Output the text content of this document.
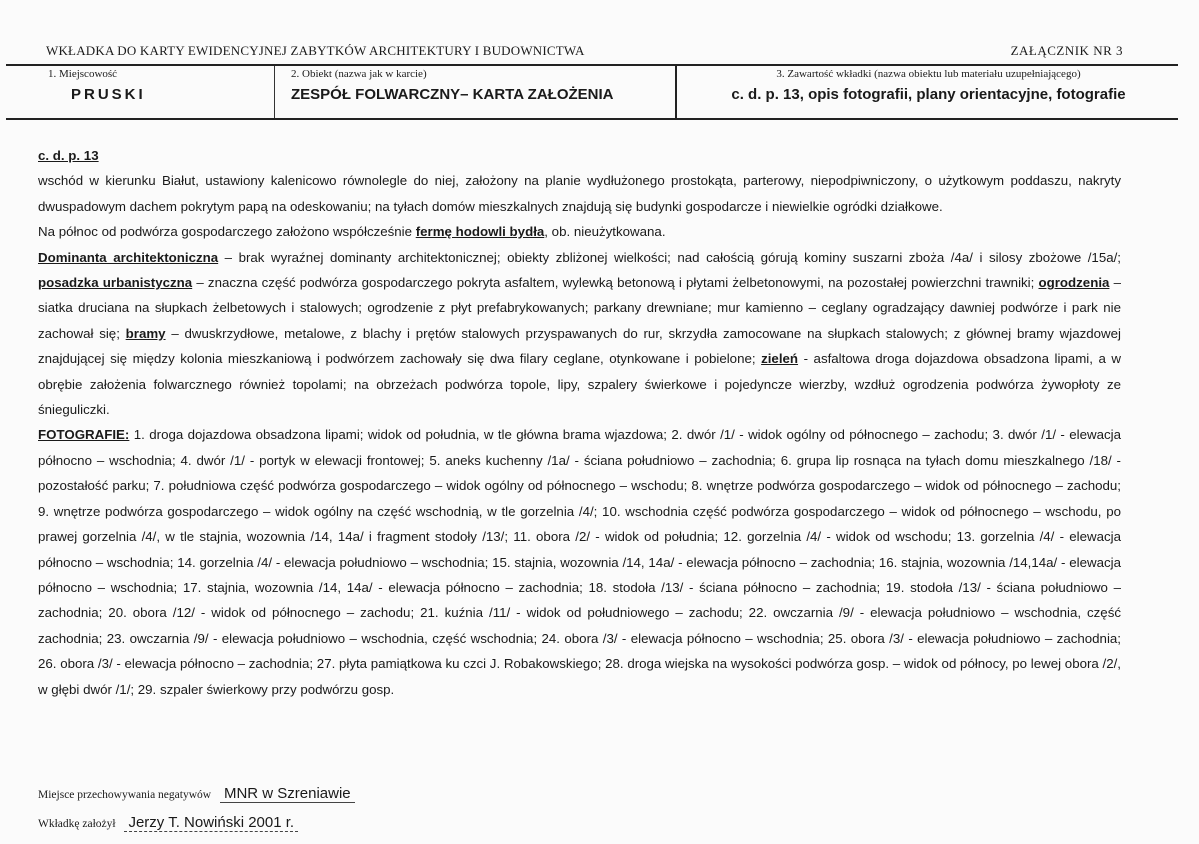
WKŁADKA DO KARTY EWIDENCYJNEJ ZABYTKÓW ARCHITEKTURY I BUDOWNICTWA	ZAŁĄCZNIK NR 3
1. Miejscowość
PRUSKI
2. Obiekt (nazwa jak w karcie)
ZESPÓŁ FOLWARCZNY– KARTA ZAŁOŻENIA
3. Zawartość wkładki (nazwa obiektu lub materiału uzupełniającego)
c. d. p. 13, opis fotografii, plany orientacyjne, fotografie

c. d. p. 13

wschód w kierunku Białut, ustawiony kalenicowo równolegle do niej, założony na planie wydłużonego prostokąta, parterowy, niepodpiwniczony, o użytkowym poddaszu, nakryty dwuspadowym dachem pokrytym papą na odeskowaniu; na tyłach domów mieszkalnych znajdują się budynki gospodarcze i niewielkie ogródki działkowe.

Na północ od podwórza gospodarczego założono współcześnie fermę hodowli bydła, ob. nieużytkowana.

Dominanta architektoniczna – brak wyraźnej dominanty architektonicznej; obiekty zbliżonej wielkości; nad całością górują kominy suszarni zboża /4a/ i silosy zbożowe /15a/; posadzka urbanistyczna – znaczna część podwórza gospodarczego pokryta asfaltem, wylewką betonową i płytami żelbetonowymi, na pozostałej powierzchni trawniki; ogrodzenia – siatka druciana na słupkach żelbetowych i stalowych; ogrodzenie z płyt prefabrykowanych; parkany drewniane; mur kamienno – ceglany ogradzający dawniej podwórze i park nie zachował się; bramy – dwuskrzydłowe, metalowe, z blachy i prętów stalowych przyspawanych do rur, skrzydła zamocowane na słupkach stalowych; z głównej bramy wjazdowej znajdującej się między kolonia mieszkaniową i podwórzem zachowały się dwa filary ceglane, otynkowane i pobielone; zieleń - asfaltowa droga dojazdowa obsadzona lipami, a w obrębie założenia folwarcznego również topolami; na obrzeżach podwórza topole, lipy, szpalery świerkowe i pojedyncze wierzby, wzdłuż ogrodzenia podwórza żywopłoty ze śnieguliczki.

FOTOGRAFIE: 1. droga dojazdowa obsadzona lipami; widok od południa, w tle główna brama wjazdowa; 2. dwór /1/ - widok ogólny od północnego – zachodu; 3. dwór /1/ - elewacja północno – wschodnia; 4. dwór /1/ - portyk w elewacji frontowej; 5. aneks kuchenny /1a/ - ściana południowo – zachodnia; 6. grupa lip rosnąca na tyłach domu mieszkalnego /18/ - pozostałość parku; 7. południowa część podwórza gospodarczego – widok ogólny od północnego – wschodu; 8. wnętrze podwórza gospodarczego – widok od północnego – zachodu; 9. wnętrze podwórza gospodarczego – widok ogólny na część wschodnią, w tle gorzelnia /4/; 10. wschodnia część podwórza gospodarczego – widok od północnego – wschodu, po prawej gorzelnia /4/, w tle stajnia, wozownia /14, 14a/ i fragment stodoły /13/; 11. obora /2/ - widok od południa; 12. gorzelnia /4/ - widok od wschodu; 13. gorzelnia /4/ - elewacja północno – wschodnia; 14. gorzelnia /4/ - elewacja południowo – wschodnia; 15. stajnia, wozownia /14, 14a/ - elewacja północno – zachodnia; 16. stajnia, wozownia /14,14a/ - elewacja północno – wschodnia; 17. stajnia, wozownia /14, 14a/ - elewacja północno – zachodnia; 18. stodoła /13/ - ściana północno – zachodnia; 19. stodoła /13/ - ściana południowo – zachodnia; 20. obora /12/ - widok od północnego – zachodu; 21. kuźnia /11/ - widok od południowego – zachodu; 22. owczarnia /9/ - elewacja południowo – wschodnia, część zachodnia; 23. owczarnia /9/ - elewacja południowo – wschodnia, część wschodnia; 24. obora /3/ - elewacja północno – wschodnia; 25. obora /3/ - elewacja południowo – zachodnia; 26. obora /3/ - elewacja północno – zachodnia; 27. płyta pamiątkowa ku czci J. Robakowskiego; 28. droga wiejska na wysokości podwórza gosp. – widok od północy, po lewej obora /2/, w głębi dwór /1/; 29. szpaler świerkowy przy podwórzu gosp.

Miejsce przechowywania negatywów MNR w Szreniawie
Wkładkę założył Jerzy T. Nowiński 2001 r.
